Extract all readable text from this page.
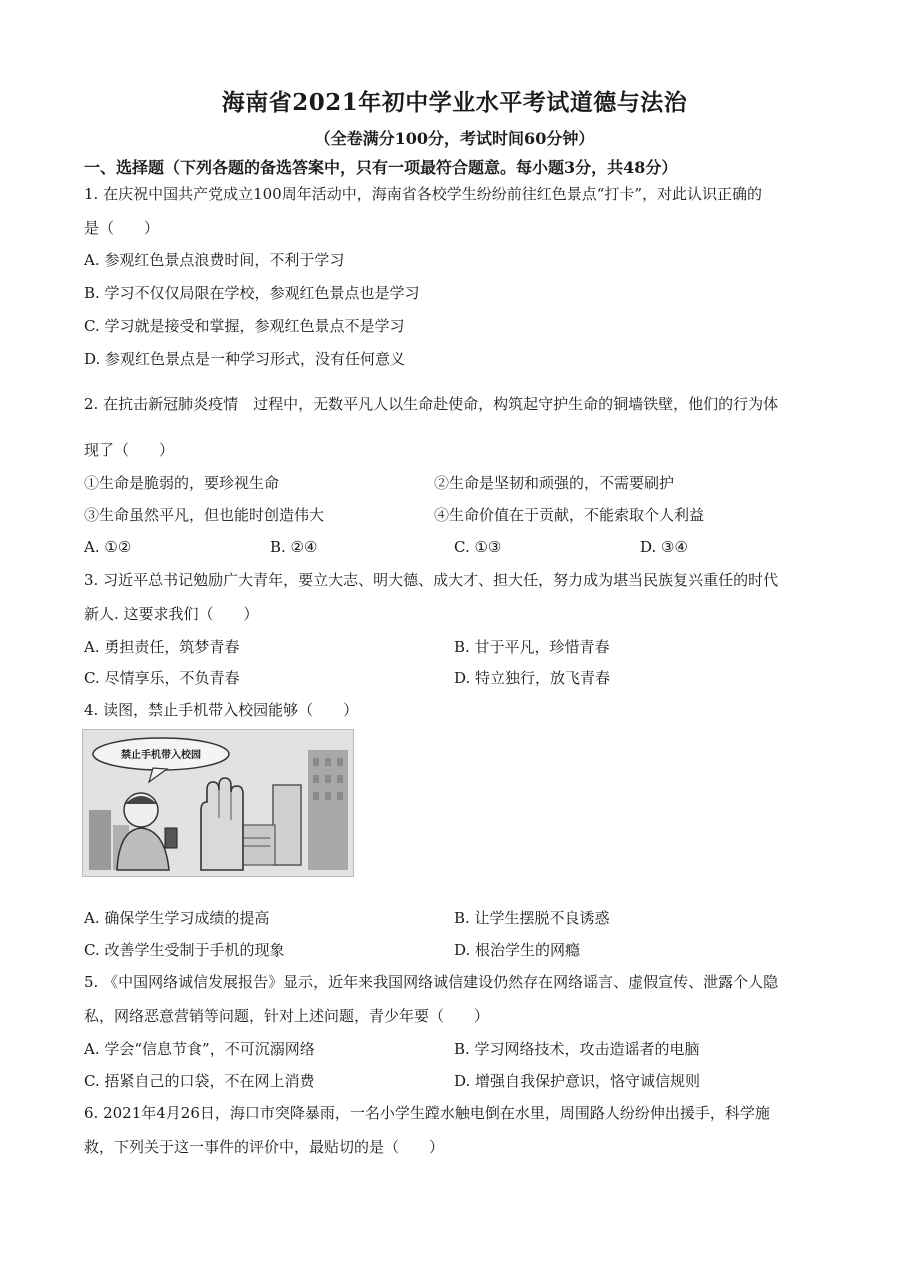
海南省2021年初中学业水平考试道德与法治
（全卷满分100分，考试时间60分钟）
一、选择题（下列各题的备选答案中，只有一项最符合题意。每小题3分，共48分）
1. 在庆祝中国共产党成立100周年活动中，海南省各校学生纷纷前往红色景点“打卡”，对此认识正确的
是（　　）
A. 参观红色景点浪费时间，不利于学习
B. 学习不仅仅局限在学校，参观红色景点也是学习
C. 学习就是接受和掌握，参观红色景点不是学习
D. 参观红色景点是一种学习形式，没有任何意义
2. 在抗击新冠肺炎疫情　过程中，无数平凡人以生命赴使命，构筑起守护生命的铜墙铁壁，他们的行为体
现了（　　）
①生命是脆弱的，要珍视生命	②生命是坚韧和顽强的，不需要刷护
③生命虽然平凡，但也能时创造伟大	④生命价值在于贡献，不能索取个人利益
A. ①②	B. ②④	C. ①③	D. ③④
3. 习近平总书记勉励广大青年，要立大志、明大德、成大才、担大任，努力成为堪当民族复兴重任的时代
新人. 这要求我们（　　）
A. 勇担责任，筑梦青春	B. 甘于平凡，珍惜青春
C. 尽情享乐，不负青春	D. 特立独行，放飞青春
4. 读图，禁止手机带入校园能够（　　）
禁止手机带入校园
A. 确保学生学习成绩的提高	B. 让学生摆脱不良诱惑
C. 改善学生受制于手机的现象	D. 根治学生的网瘾
5. 《中国网络诚信发展报告》显示，近年来我国网络诚信建设仍然存在网络谣言、虚假宣传、泄露个人隐
私，网络恶意营销等问题，针对上述问题，青少年要（　　）
A. 学会“信息节食”，不可沉溺网络	B. 学习网络技术，攻击造谣者的电脑
C. 捂紧自己的口袋，不在网上消费	D. 增强自我保护意识，恪守诚信规则
6. 2021年4月26日，海口市突降暴雨，一名小学生蹚水触电倒在水里，周围路人纷纷伸出援手，科学施
救，下列关于这一事件的评价中，最贴切的是（　　）
